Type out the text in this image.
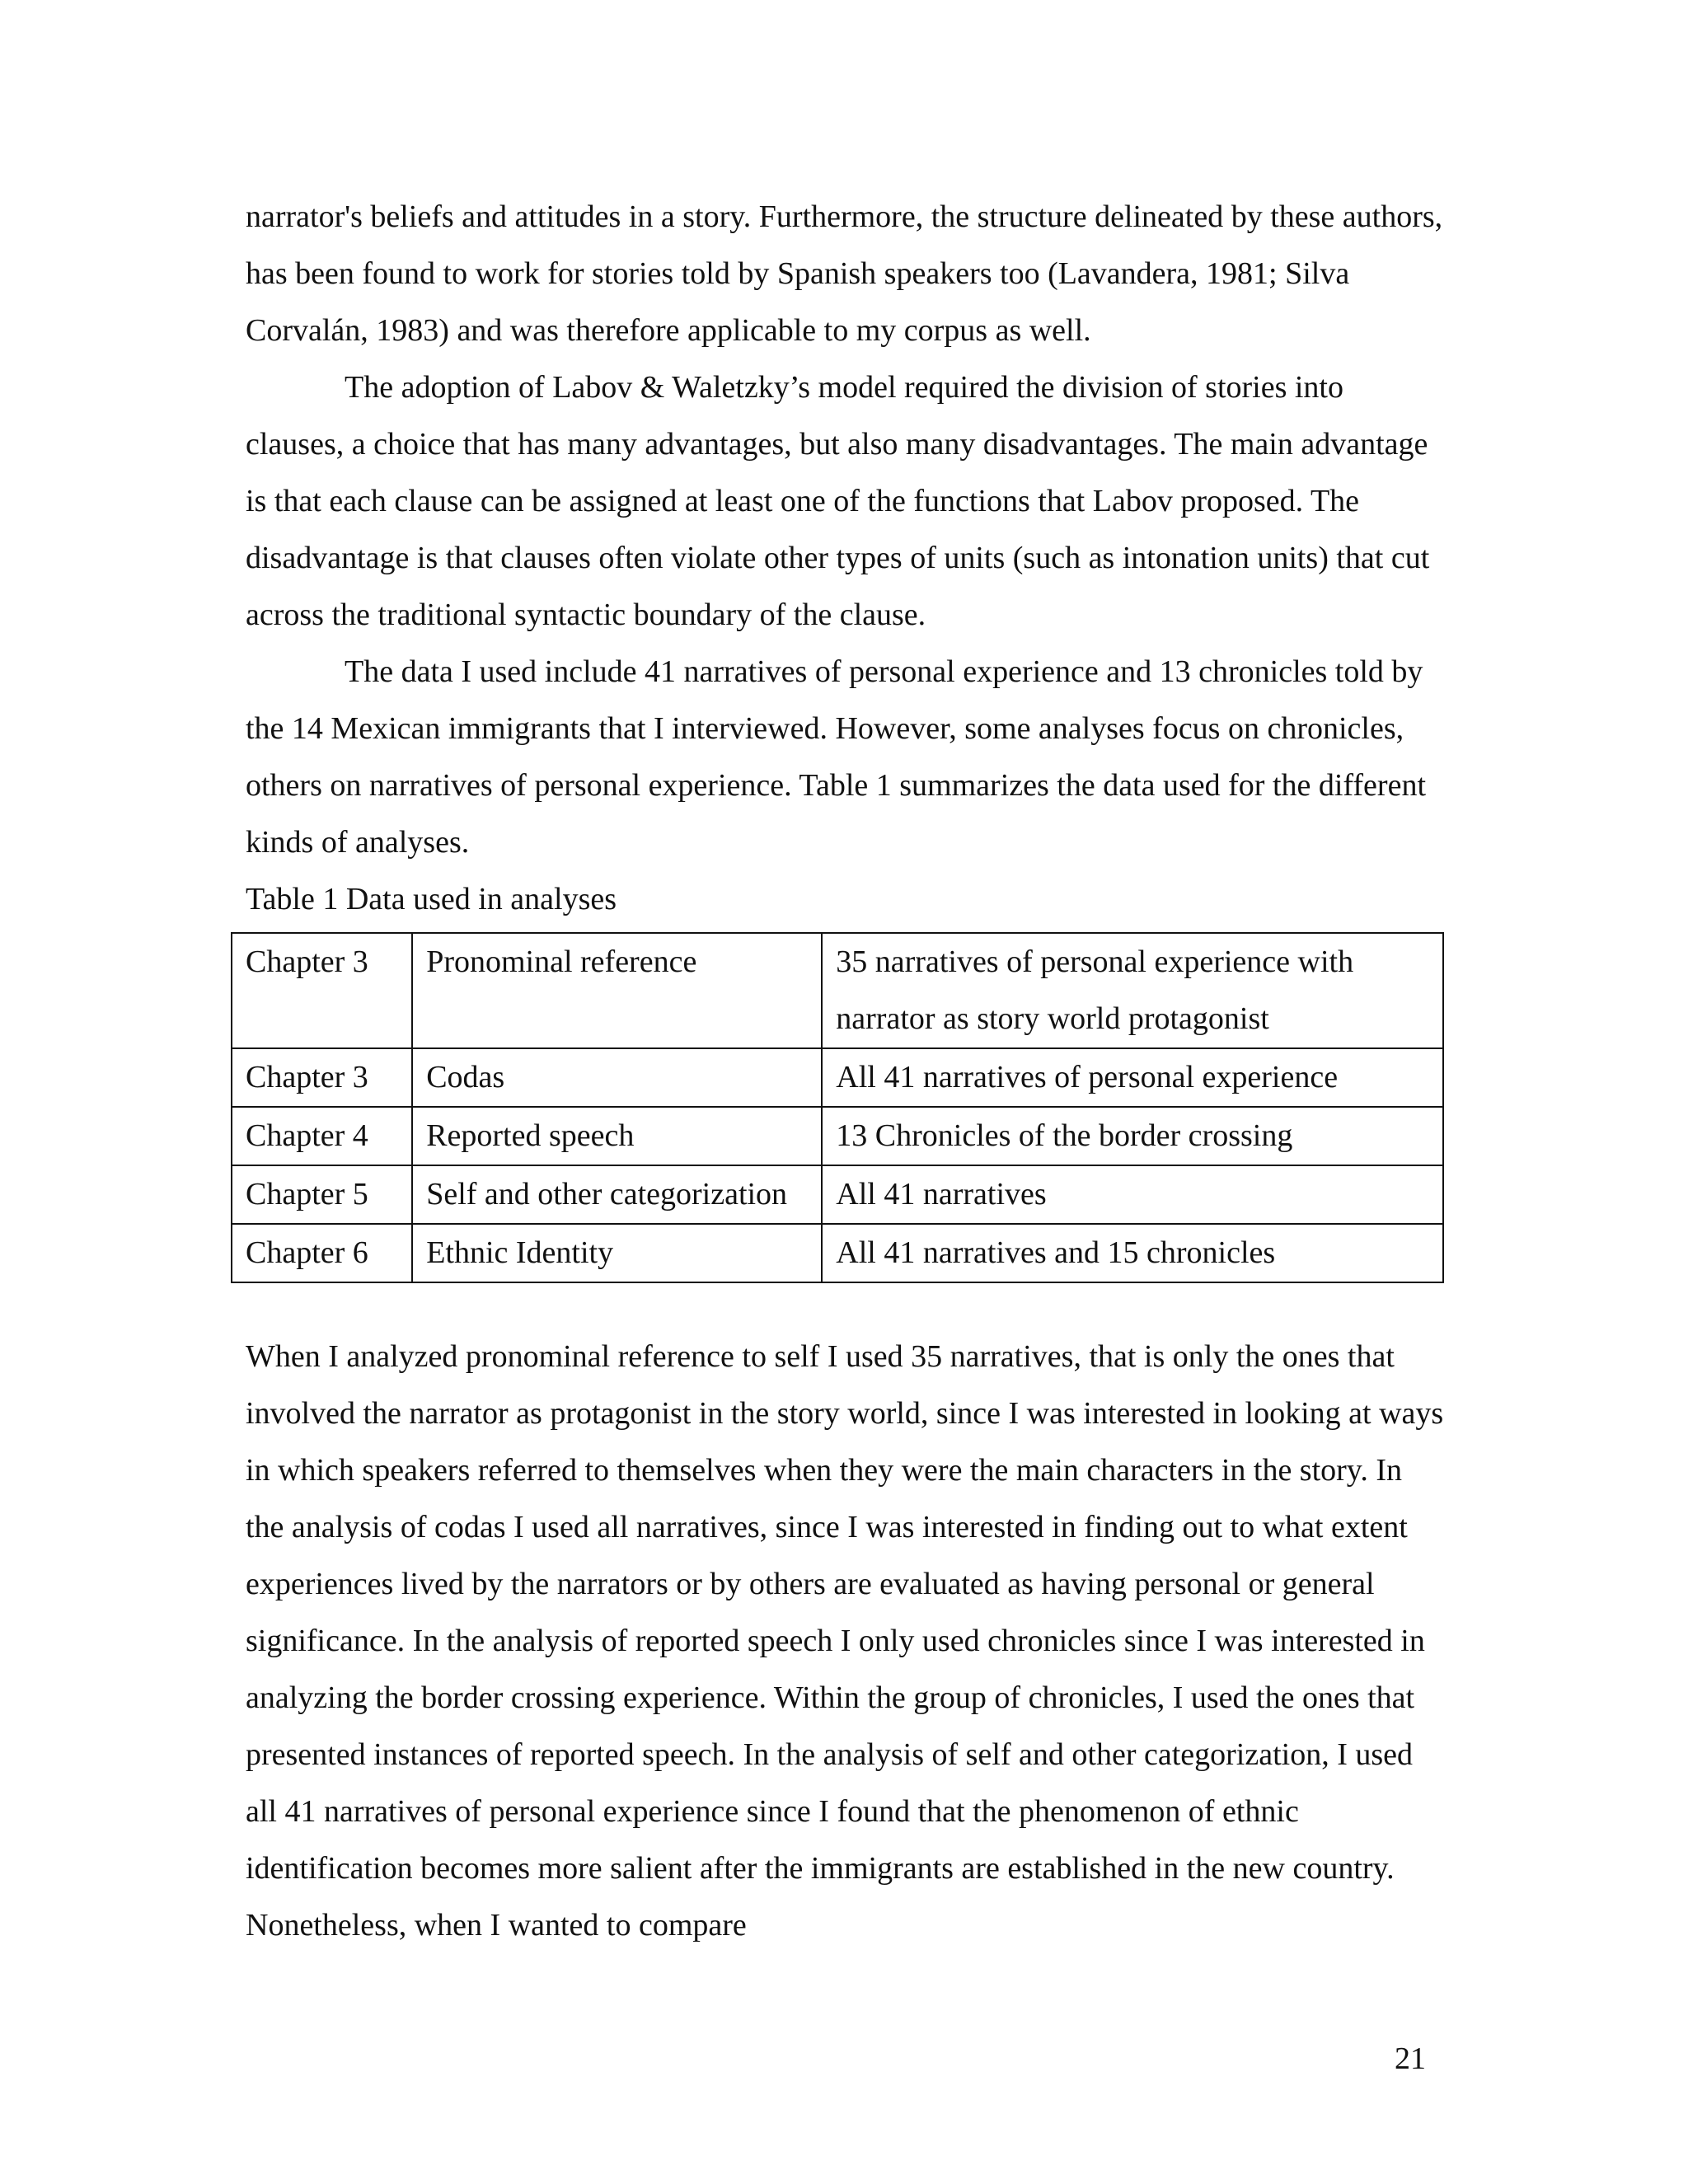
narrator's beliefs and attitudes in a story. Furthermore, the structure delineated by these authors, has been found to work for stories told by Spanish speakers too (Lavandera, 1981; Silva Corvalán, 1983) and was therefore applicable to my corpus as well.

The adoption of Labov & Waletzky’s model required the division of stories into clauses, a choice that has many advantages, but also many disadvantages. The main advantage is that each clause can be assigned at least one of the functions that Labov proposed. The disadvantage is that clauses often violate other types of units (such as intonation units) that cut across the traditional syntactic boundary of the clause.

The data I used include 41 narratives of personal experience and 13 chronicles told by the 14 Mexican immigrants that I interviewed. However, some analyses focus on chronicles, others on narratives of personal experience. Table 1 summarizes the data used for the different kinds of analyses.

Table 1 Data used in analyses
Chapter 3	Pronominal reference	35 narratives of personal experience with narrator as story world protagonist
Chapter 3	Codas	All 41 narratives of personal experience
Chapter 4	Reported speech	13 Chronicles of the border crossing
Chapter 5	Self and other categorization	All 41 narratives
Chapter 6	Ethnic Identity	All 41 narratives and 15 chronicles

When I analyzed pronominal reference to self I used 35 narratives, that is only the ones that involved the narrator as protagonist in the story world, since I was interested in looking at ways in which speakers referred to themselves when they were the main characters in the story. In the analysis of codas I used all narratives, since I was interested in finding out to what extent experiences lived by the narrators or by others are evaluated as having personal or general significance. In the analysis of reported speech I only used chronicles since I was interested in analyzing the border crossing experience. Within the group of chronicles, I used the ones that presented instances of reported speech. In the analysis of self and other categorization, I used all 41 narratives of personal experience since I found that the phenomenon of ethnic identification becomes more salient after the immigrants are established in the new country. Nonetheless, when I wanted to compare

21
